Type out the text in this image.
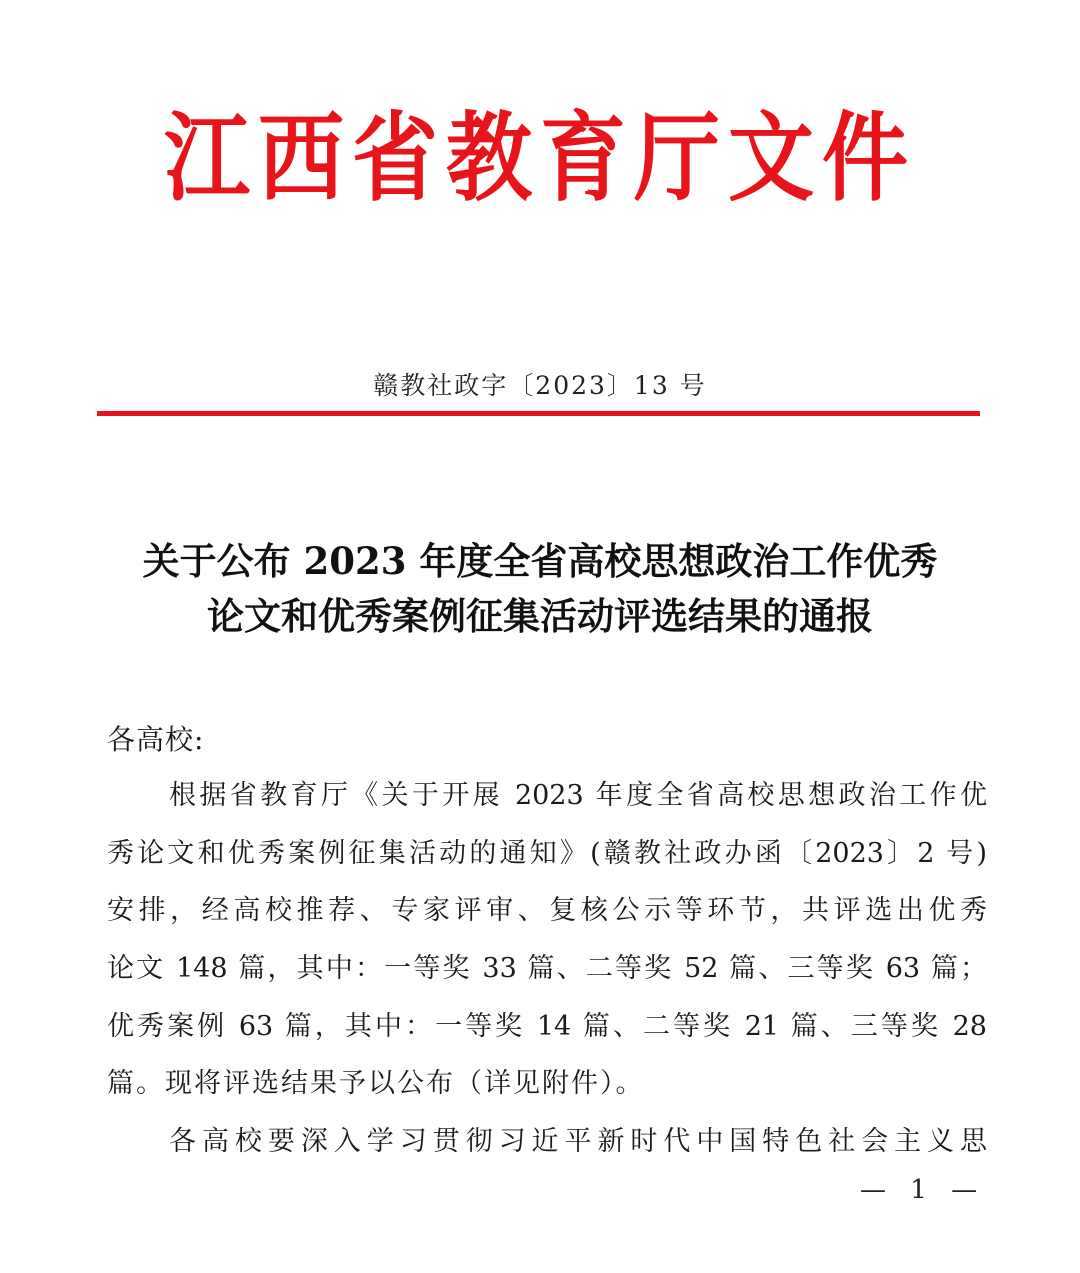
江西省教育厅文件
赣教社政字〔2023〕13 号
关于公布 2023 年度全省高校思想政治工作优秀
论文和优秀案例征集活动评选结果的通报
各高校:
根据省教育厅《关于开展 2023 年度全省高校思想政治工作优
秀论文和优秀案例征集活动的通知》(赣教社政办函〔2023〕2 号)
安排，经高校推荐、专家评审、复核公示等环节，共评选出优秀
论文 148 篇，其中：一等奖 33 篇、二等奖 52 篇、三等奖 63 篇；
优秀案例 63 篇，其中：一等奖 14 篇、二等奖 21 篇、三等奖 28
篇。现将评选结果予以公布（详见附件）。
各高校要深入学习贯彻习近平新时代中国特色社会主义思
— 1 —
